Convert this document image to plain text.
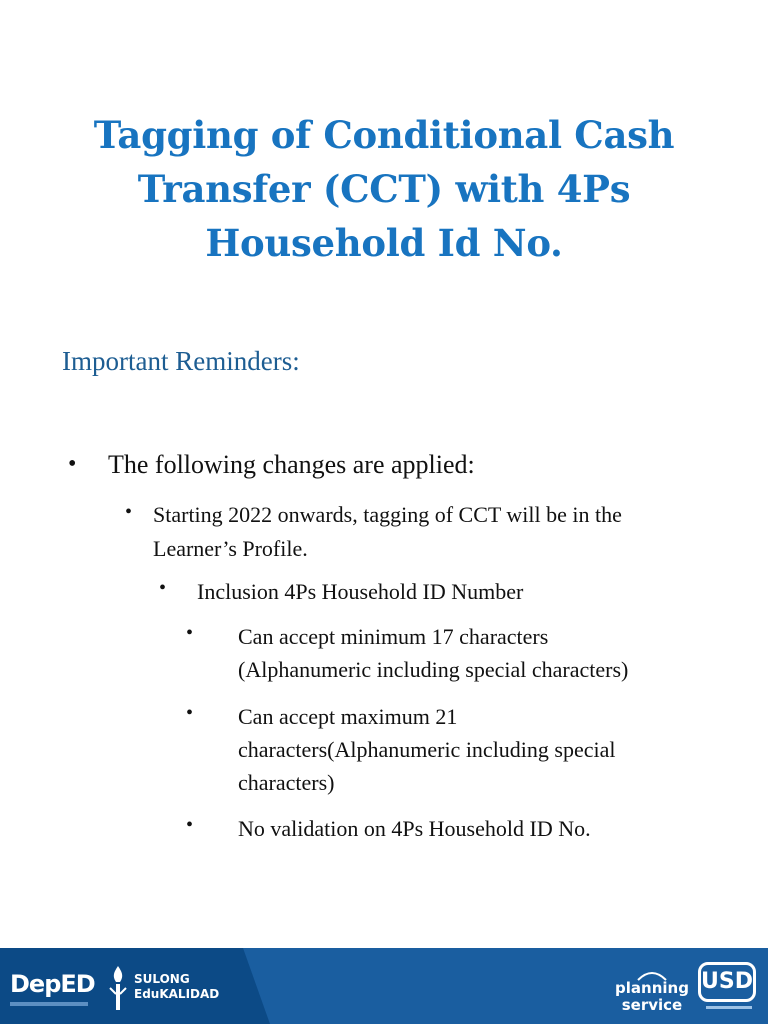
Tagging of Conditional Cash
Transfer (CCT) with 4Ps
Household Id No.
Important Reminders:
• The following changes are applied:
• Starting 2022 onwards, tagging of CCT will be in the Learner’s Profile.
• Inclusion 4Ps Household ID Number
• Can accept minimum 17 characters (Alphanumeric including special characters)
• Can accept maximum 21 characters(Alphanumeric including special characters)
• No validation on 4Ps Household ID No.
DepED	SULONG
EduKALIDAD	planning
service
USD
